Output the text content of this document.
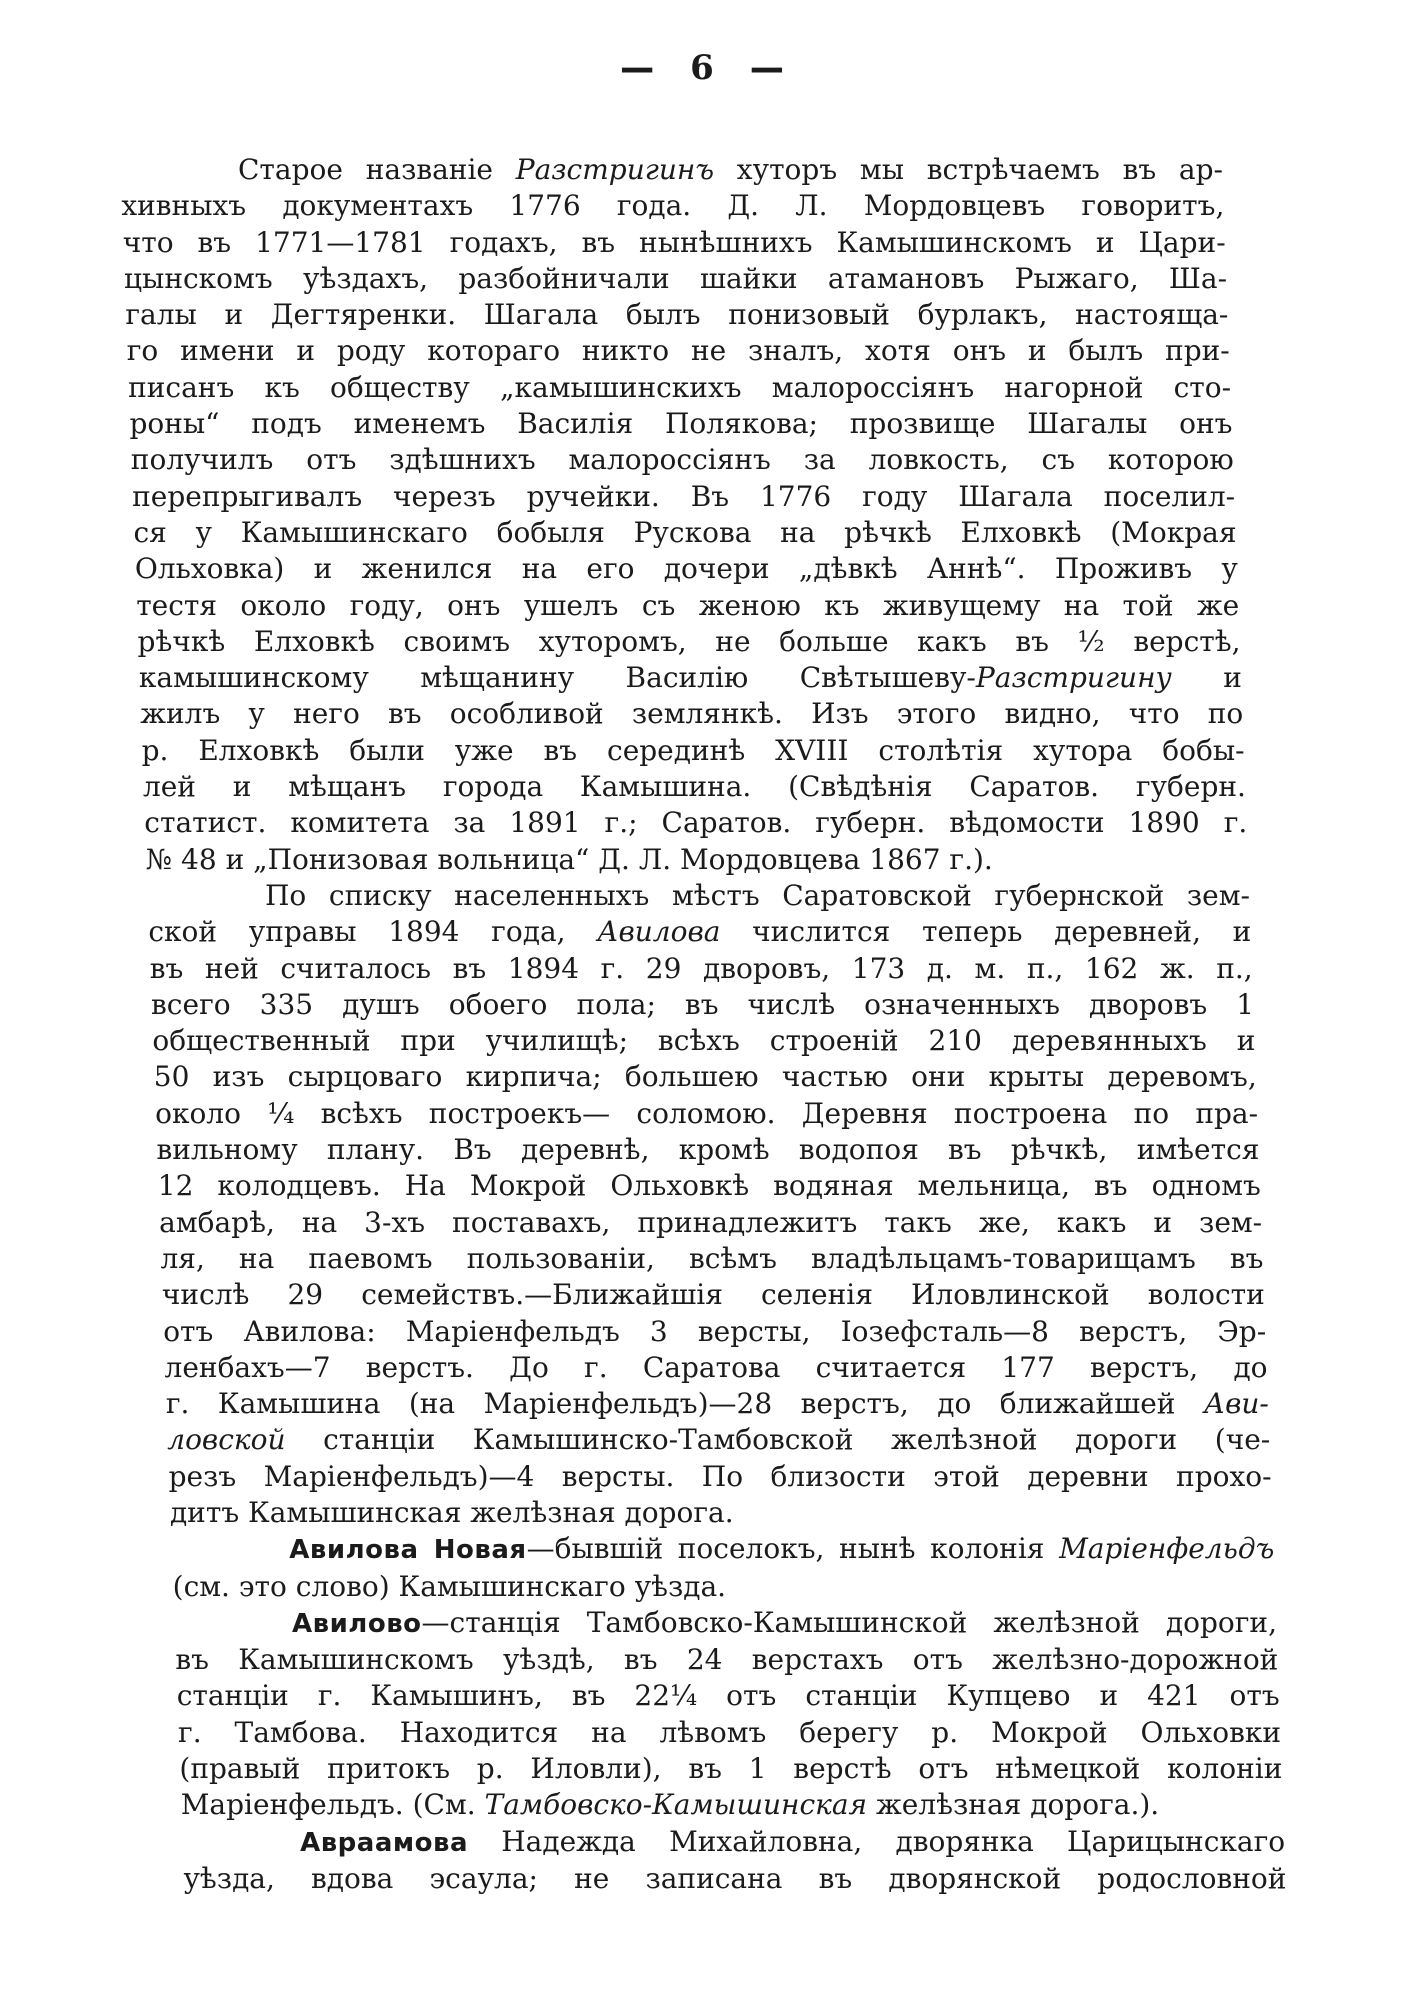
— 6 —
Старое названіе Разстригинъ хуторъ мы встрѣчаемъ въ ар-
хивныхъ документахъ 1776 года. Д. Л. Мордовцевъ говоритъ,
что въ 1771—1781 годахъ, въ нынѣшнихъ Камышинскомъ и Цари-
цынскомъ уѣздахъ, разбойничали шайки атамановъ Рыжаго, Ша-
галы и Дегтяренки. Шагала былъ понизовый бурлакъ, настояща-
го имени и роду котораго никто не зналъ, хотя онъ и былъ при-
писанъ къ обществу „камышинскихъ малороссіянъ нагорной сто-
роны“ подъ именемъ Василія Полякова; прозвище Шагалы онъ
получилъ отъ здѣшнихъ малороссіянъ за ловкость, съ которою
перепрыгивалъ черезъ ручейки. Въ 1776 году Шагала поселил-
ся у Камышинскаго бобыля Рускова на рѣчкѣ Елховкѣ (Мокрая
Ольховка) и женился на его дочери „дѣвкѣ Аннѣ“. Проживъ у
тестя около году, онъ ушелъ съ женою къ живущему на той же
рѣчкѣ Елховкѣ своимъ хуторомъ, не больше какъ въ ½ верстѣ,
камышинскому мѣщанину Василію Свѣтышеву-Разстригину и
жилъ у него въ особливой землянкѣ. Изъ этого видно, что по
р. Елховкѣ были уже въ серединѣ XVIII столѣтія хутора бобы-
лей и мѣщанъ города Камышина. (Свѣдѣнія Саратов. губерн.
статист. комитета за 1891 г.; Саратов. губерн. вѣдомости 1890 г.
№ 48 и „Понизовая вольница“ Д. Л. Мордовцева 1867 г.).
По списку населенныхъ мѣстъ Саратовской губернской зем-
ской управы 1894 года, Авилова числится теперь деревней, и
въ ней считалось въ 1894 г. 29 дворовъ, 173 д. м. п., 162 ж. п.,
всего 335 душъ обоего пола; въ числѣ означенныхъ дворовъ 1
общественный при училищѣ; всѣхъ строеній 210 деревянныхъ и
50 изъ сырцоваго кирпича; большею частью они крыты деревомъ,
около ¼ всѣхъ построекъ— соломою. Деревня построена по пра-
вильному плану. Въ деревнѣ, кромѣ водопоя въ рѣчкѣ, имѣется
12 колодцевъ. На Мокрой Ольховкѣ водяная мельница, въ одномъ
амбарѣ, на 3-хъ поставахъ, принадлежитъ такъ же, какъ и зем-
ля, на паевомъ пользованіи, всѣмъ владѣльцамъ-товарищамъ въ
числѣ 29 семействъ.—Ближайшія селенія Иловлинской волости
отъ Авилова: Маріенфельдъ 3 версты, Іозефсталь—8 верстъ, Эр-
ленбахъ—7 верстъ. До г. Саратова считается 177 верстъ, до
г. Камышина (на Маріенфельдъ)—28 верстъ, до ближайшей Ави-
ловской станціи Камышинско-Тамбовской желѣзной дороги (че-
резъ Маріенфельдъ)—4 версты. По близости этой деревни прохо-
дитъ Камышинская желѣзная дорога.
Авилова Новая—бывшій поселокъ, нынѣ колонія Маріенфельдъ
(см. это слово) Камышинскаго уѣзда.
Авилово—станція Тамбовско-Камышинской желѣзной дороги,
въ Камышинскомъ уѣздѣ, въ 24 верстахъ отъ желѣзно-дорожной
станціи г. Камышинъ, въ 22¼ отъ станціи Купцево и 421 отъ
г. Тамбова. Находится на лѣвомъ берегу р. Мокрой Ольховки
(правый притокъ р. Иловли), въ 1 верстѣ отъ нѣмецкой колоніи
Маріенфельдъ. (См. Тамбовско-Камышинская желѣзная дорога.).
Авраамова Надежда Михайловна, дворянка Царицынскаго
уѣзда, вдова эсаула; не записана въ дворянской родословной
